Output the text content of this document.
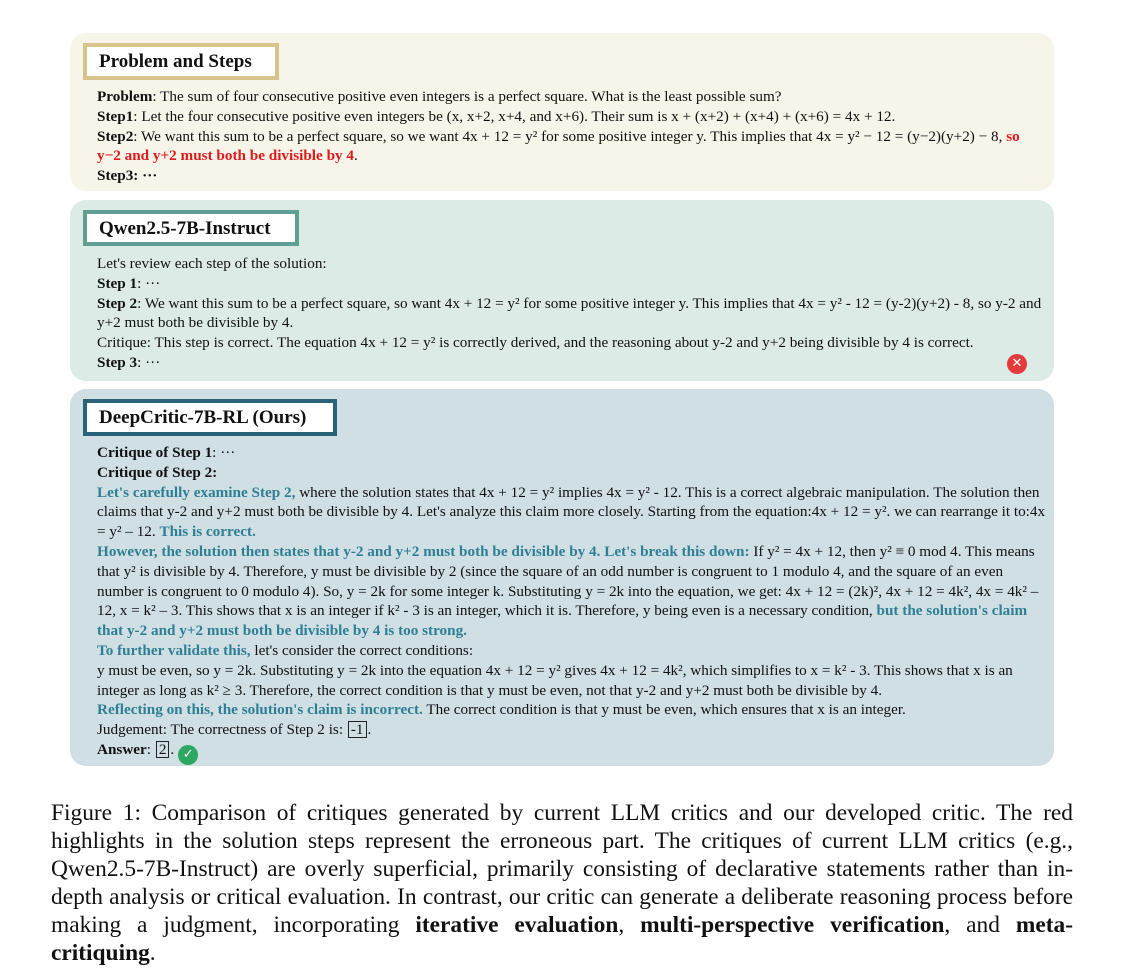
Problem and Steps

Problem: The sum of four consecutive positive even integers is a perfect square. What is the least possible sum?

Step1: Let the four consecutive positive even integers be (x, x+2, x+4, and x+6). Their sum is x + (x+2) + (x+4) + (x+6) = 4x + 12.

Step2: We want this sum to be a perfect square, so we want 4x + 12 = y² for some positive integer y. This implies that 4x = y² − 12 = (y−2)(y+2) − 8, so y−2 and y+2 must both be divisible by 4.

Step3: ···

Qwen2.5-7B-Instruct

Let's review each step of the solution:

Step 1: ···

Step 2: We want this sum to be a perfect square, so want 4x + 12 = y² for some positive integer y. This implies that 4x = y² - 12 = (y-2)(y+2) - 8, so y-2 and y+2 must both be divisible by 4.

Critique: This step is correct. The equation 4x + 12 = y² is correctly derived, and the reasoning about y-2 and y+2 being divisible by 4 is correct.

Step 3: ···	✕
DeepCritic-7B-RL (Ours)

Critique of Step 1: ···

Critique of Step 2:

Let's carefully examine Step 2, where the solution states that 4x + 12 = y² implies 4x = y² - 12. This is a correct algebraic manipulation. The solution then claims that y-2 and y+2 must both be divisible by 4. Let's analyze this claim more closely. Starting from the equation:4x + 12 = y². we can rearrange it to:4x = y² – 12. This is correct.

However, the solution then states that y-2 and y+2 must both be divisible by 4. Let's break this down: If y² = 4x + 12, then y² ≡ 0 mod 4. This means that y² is divisible by 4. Therefore, y must be divisible by 2 (since the square of an odd number is congruent to 1 modulo 4, and the square of an even number is congruent to 0 modulo 4). So, y = 2k for some integer k. Substituting y = 2k into the equation, we get: 4x + 12 = (2k)², 4x + 12 = 4k², 4x = 4k² – 12, x = k² – 3. This shows that x is an integer if k² - 3 is an integer, which it is. Therefore, y being even is a necessary condition, but the solution's claim that y-2 and y+2 must both be divisible by 4 is too strong.

To further validate this, let's consider the correct conditions:

y must be even, so y = 2k. Substituting y = 2k into the equation 4x + 12 = y² gives 4x + 12 = 4k², which simplifies to x = k² - 3. This shows that x is an integer as long as k² ≥ 3. Therefore, the correct condition is that y must be even, not that y-2 and y+2 must both be divisible by 4.

Reflecting on this, the solution's claim is incorrect. The correct condition is that y must be even, which ensures that x is an integer.

Judgement: The correctness of Step 2 is: -1 .

Answer: 2 . ✓

Figure 1: Comparison of critiques generated by current LLM critics and our developed critic. The red highlights in the solution steps represent the erroneous part. The critiques of current LLM critics (e.g., Qwen2.5-7B-Instruct) are overly superficial, primarily consisting of declarative statements rather than in-depth analysis or critical evaluation. In contrast, our critic can generate a deliberate reasoning process before making a judgment, incorporating iterative evaluation, multi-perspective verification, and meta-critiquing.
